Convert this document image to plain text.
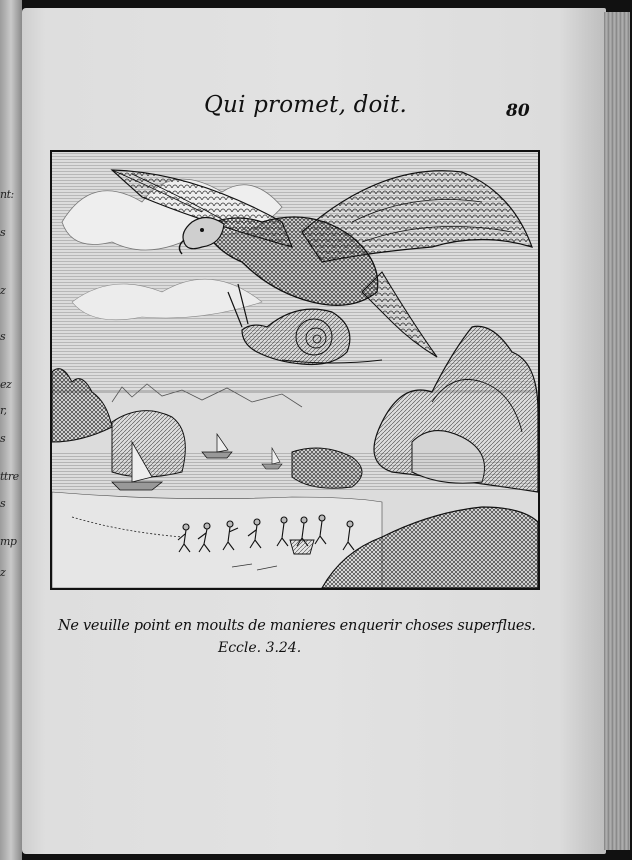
nt:
s
z
s
ez
r,
s
ttre
s
mp
z
Qui promet, doit.	80
Ne veuille point en moults de manieres enquerir choses superflues.
Eccle. 3.24.
